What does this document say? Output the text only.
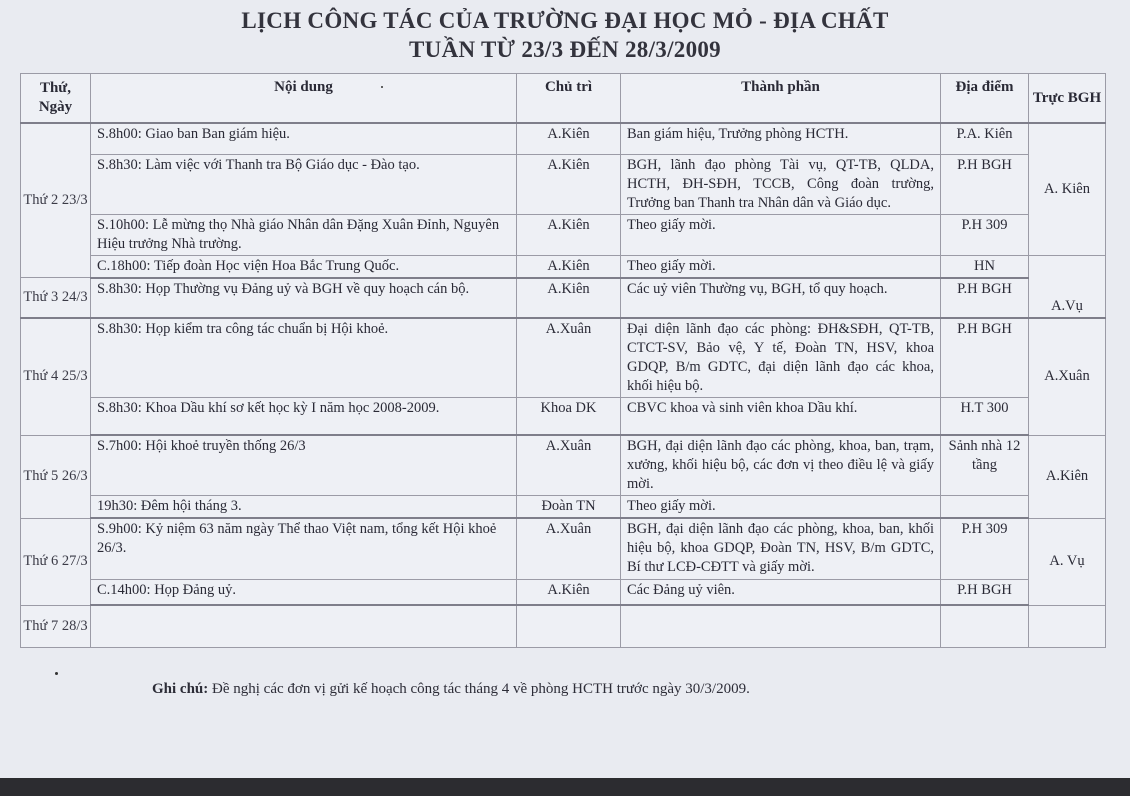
LỊCH CÔNG TÁC CỦA TRƯỜNG ĐẠI HỌC MỎ - ĐỊA CHẤT
TUẦN TỪ 23/3 ĐẾN 28/3/2009
Thứ, Ngày	Nội dung	Chủ trì	Thành phần	Địa điểm	Trực BGH
Thứ 2 23/3	S.8h00: Giao ban Ban giám hiệu.	A.Kiên	Ban giám hiệu, Trưởng phòng HCTH.	P.A. Kiên	A. Kiên
	S.8h30: Làm việc với Thanh tra Bộ Giáo dục - Đào tạo.	A.Kiên	BGH, lãnh đạo phòng Tài vụ, QT-TB, QLDA, HCTH, ĐH-SĐH, TCCB, Công đoàn trường, Trưởng ban Thanh tra Nhân dân và Giáo dục.	P.H BGH	
	S.10h00: Lễ mừng thọ Nhà giáo Nhân dân Đặng Xuân Đỉnh, Nguyên Hiệu trưởng Nhà trường.	A.Kiên	Theo giấy mời.	P.H 309	
	C.18h00: Tiếp đoàn Học viện Hoa Bắc Trung Quốc.	A.Kiên	Theo giấy mời.	HN	A.Vụ
Thứ 3 24/3	S.8h30: Họp Thường vụ Đảng uỷ và BGH về quy hoạch cán bộ.	A.Kiên	Các uỷ viên Thường vụ, BGH, tổ quy hoạch.	P.H BGH	
Thứ 4 25/3	S.8h30: Họp kiểm tra công tác chuẩn bị Hội khoẻ.	A.Xuân	Đại diện lãnh đạo các phòng: ĐH&SĐH, QT-TB, CTCT-SV, Bảo vệ, Y tế, Đoàn TN, HSV, khoa GDQP, B/m GDTC, đại diện lãnh đạo các khoa, khối hiệu bộ.	P.H BGH	A.Xuân
	S.8h30: Khoa Dầu khí sơ kết học kỳ I năm học 2008-2009.	Khoa DK	CBVC khoa và sinh viên khoa Dầu khí.	H.T 300	
Thứ 5 26/3	S.7h00: Hội khoẻ truyền thống 26/3	A.Xuân	BGH, đại diện lãnh đạo các phòng, khoa, ban, trạm, xưởng, khối hiệu bộ, các đơn vị theo điều lệ và giấy mời.	Sảnh nhà 12 tầng	A.Kiên
	19h30: Đêm hội tháng 3.	Đoàn TN	Theo giấy mời.		
Thứ 6 27/3	S.9h00: Kỷ niệm 63 năm ngày Thể thao Việt nam, tổng kết Hội khoẻ 26/3.	A.Xuân	BGH, đại diện lãnh đạo các phòng, khoa, ban, khối hiệu bộ, khoa GDQP, Đoàn TN, HSV, B/m GDTC, Bí thư LCĐ-CĐTT và giấy mời.	P.H 309	A. Vụ
	C.14h00: Họp Đảng uỷ.	A.Kiên	Các Đảng uỷ viên.	P.H BGH	
Thứ 7 28/3					
Ghi chú: Đề nghị các đơn vị gửi kế hoạch công tác tháng 4 về phòng HCTH trước ngày 30/3/2009.
